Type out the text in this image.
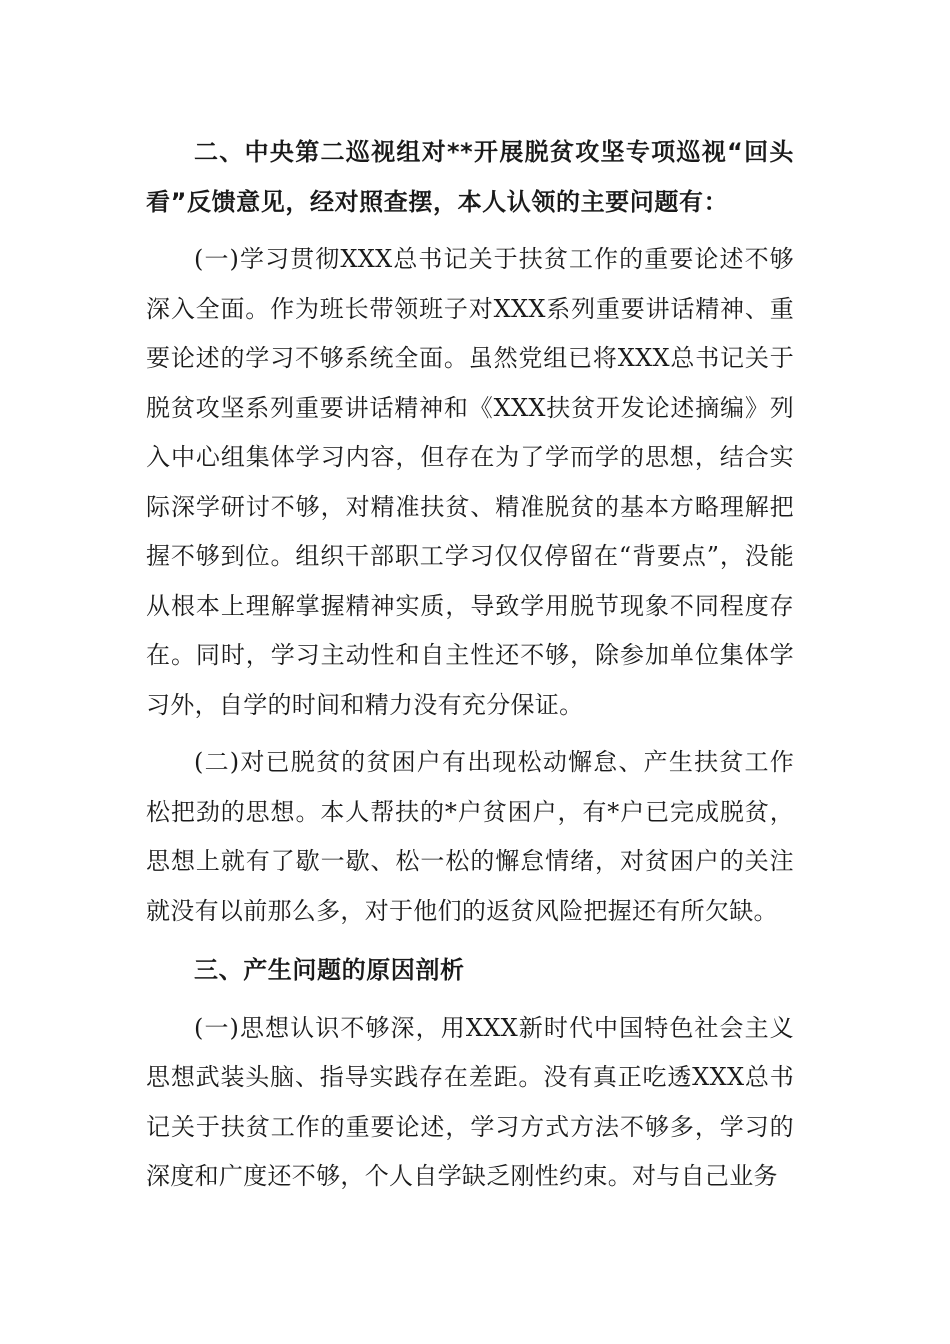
二、中央第二巡视组对**开展脱贫攻坚专项巡视“回头看”反馈意见，经对照查摆，本人认领的主要问题有：

(一)学习贯彻XXX总书记关于扶贫工作的重要论述不够深入全面。作为班长带领班子对XXX系列重要讲话精神、重要论述的学习不够系统全面。虽然党组已将XXX总书记关于脱贫攻坚系列重要讲话精神和《XXX扶贫开发论述摘编》列入中心组集体学习内容，但存在为了学而学的思想，结合实际深学研讨不够，对精准扶贫、精准脱贫的基本方略理解把握不够到位。组织干部职工学习仅仅停留在“背要点”，没能从根本上理解掌握精神实质，导致学用脱节现象不同程度存在。同时，学习主动性和自主性还不够，除参加单位集体学习外，自学的时间和精力没有充分保证。

(二)对已脱贫的贫困户有出现松动懈怠、产生扶贫工作松把劲的思想。本人帮扶的*户贫困户，有*户已完成脱贫，思想上就有了歇一歇、松一松的懈怠情绪，对贫困户的关注就没有以前那么多，对于他们的返贫风险把握还有所欠缺。

三、产生问题的原因剖析

(一)思想认识不够深，用XXX新时代中国特色社会主义思想武装头脑、指导实践存在差距。没有真正吃透XXX总书记关于扶贫工作的重要论述，学习方式方法不够多，学习的深度和广度还不够，个人自学缺乏刚性约束。对与自己业务
